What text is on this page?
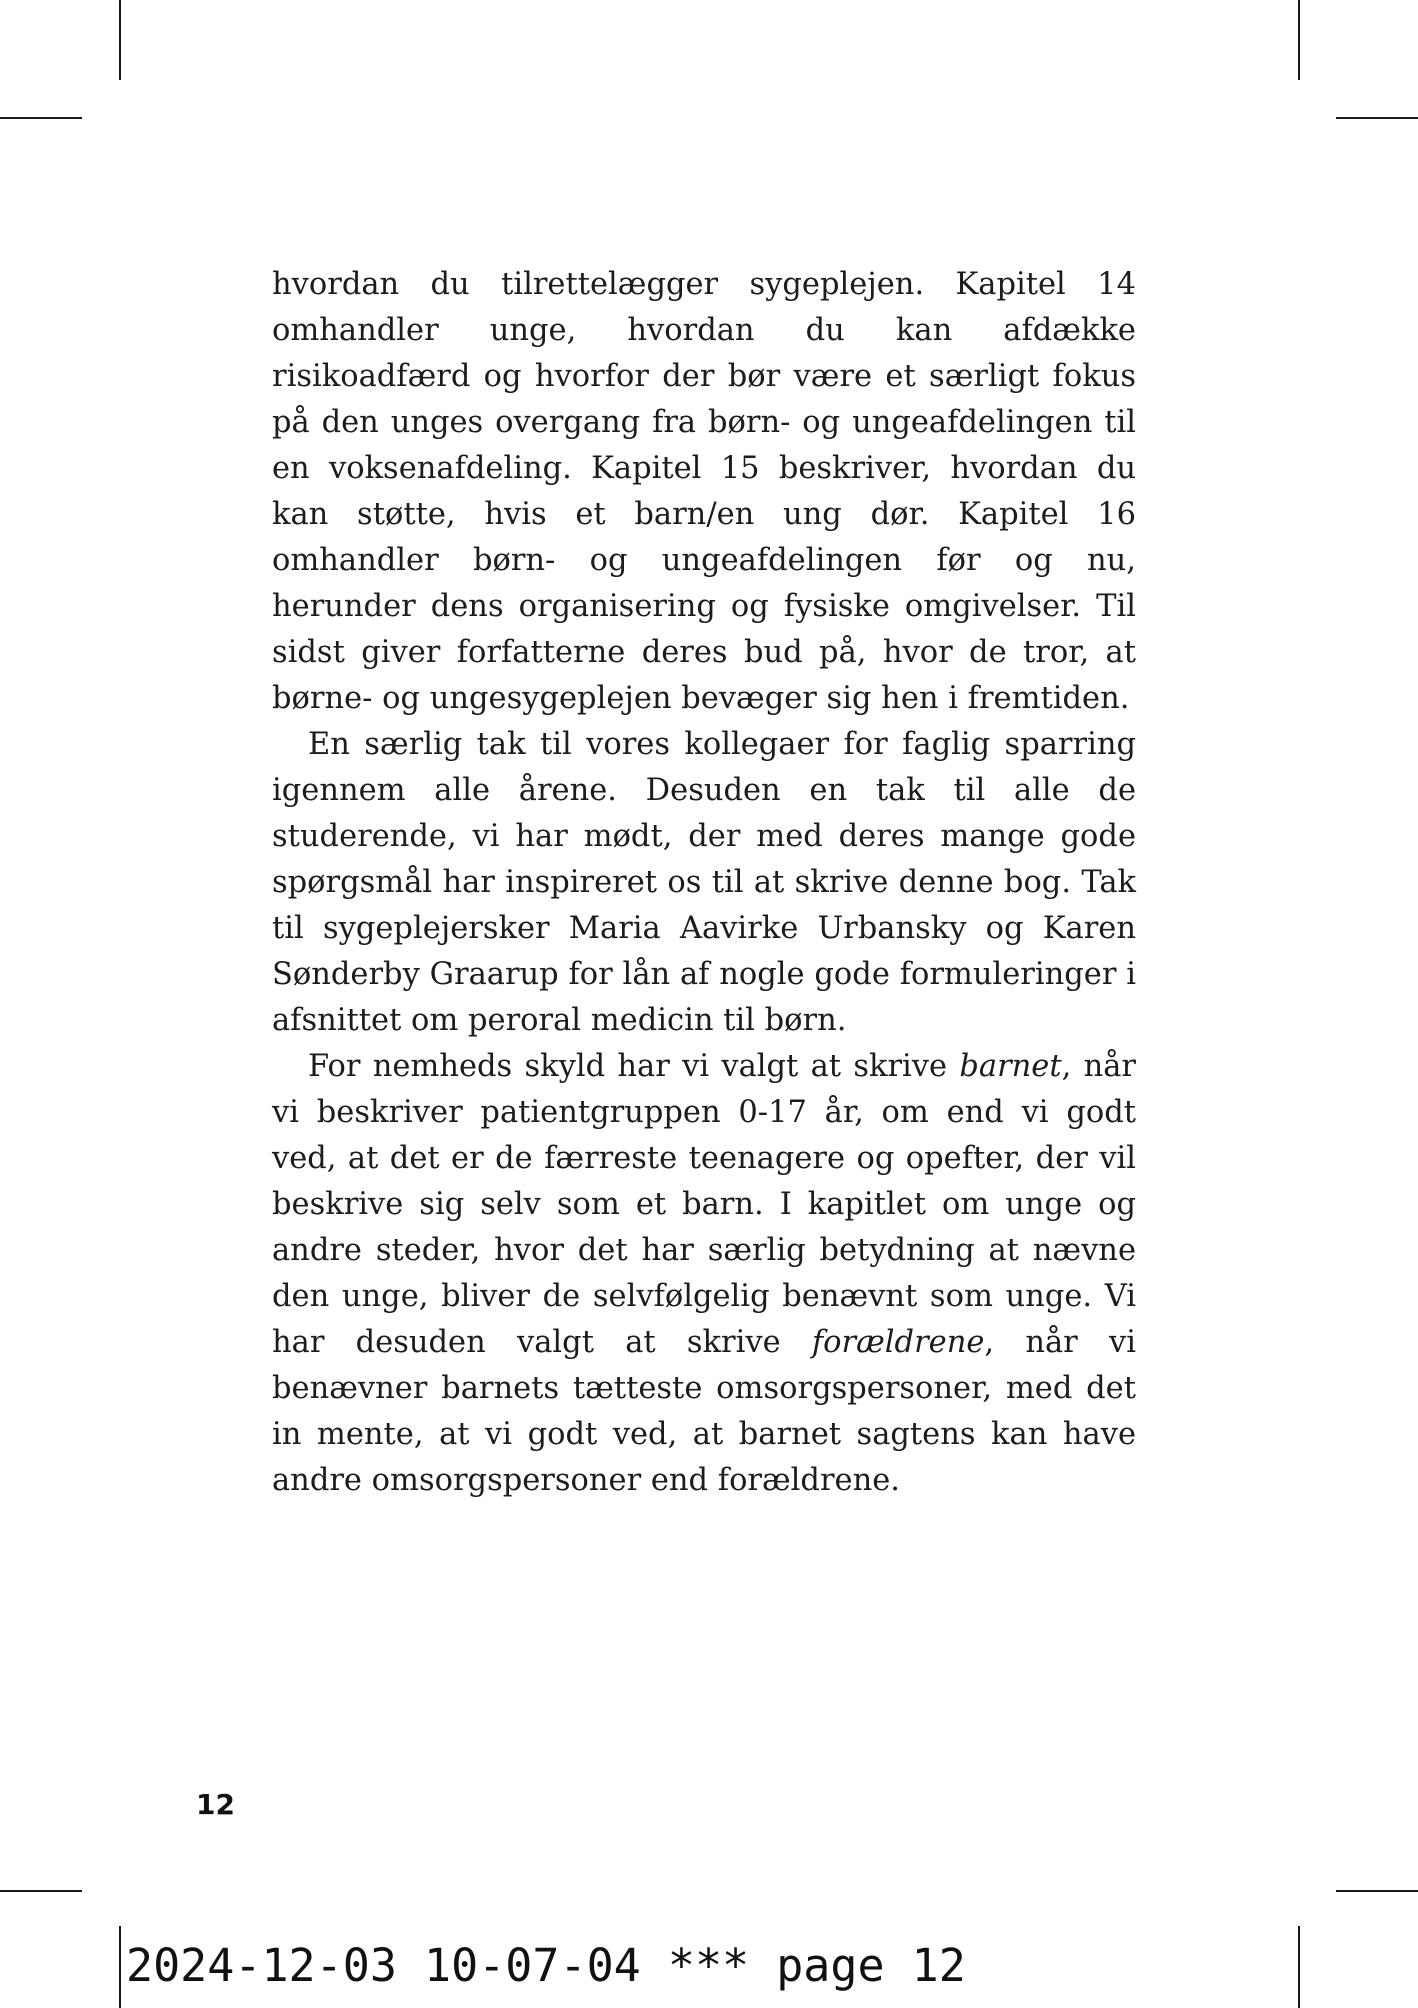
hvordan du tilrettelægger sygeplejen. Kapitel 14 omhandler unge, hvordan du kan afdække risikoadfærd og hvorfor der bør være et særligt fokus på den unges overgang fra børn- og ungeafdelingen til en voksenafdeling. Kapitel 15 beskriver, hvordan du kan støtte, hvis et barn/en ung dør. Kapitel 16 omhandler børn- og ungeafdelingen før og nu, herunder dens organisering og fysiske omgivelser. Til sidst giver forfatterne deres bud på, hvor de tror, at børne- og ungesygeplejen bevæger sig hen i fremtiden.

En særlig tak til vores kollegaer for faglig sparring igennem alle årene. Desuden en tak til alle de studerende, vi har mødt, der med deres mange gode spørgsmål har inspireret os til at skrive denne bog. Tak til sygeplejersker Maria Aavirke Urbansky og Karen Sønderby Graarup for lån af nogle gode formuleringer i afsnittet om peroral medicin til børn.

For nemheds skyld har vi valgt at skrive barnet, når vi beskriver patientgruppen 0-17 år, om end vi godt ved, at det er de færreste teenagere og opefter, der vil beskrive sig selv som et barn. I kapitlet om unge og andre steder, hvor det har særlig betydning at nævne den unge, bliver de selvfølgelig benævnt som unge. Vi har desuden valgt at skrive forældrene, når vi benævner barnets tætteste omsorgspersoner, med det in mente, at vi godt ved, at barnet sagtens kan have andre omsorgspersoner end forældrene.

12
2024-12-03 10-07-04 *** page 12
